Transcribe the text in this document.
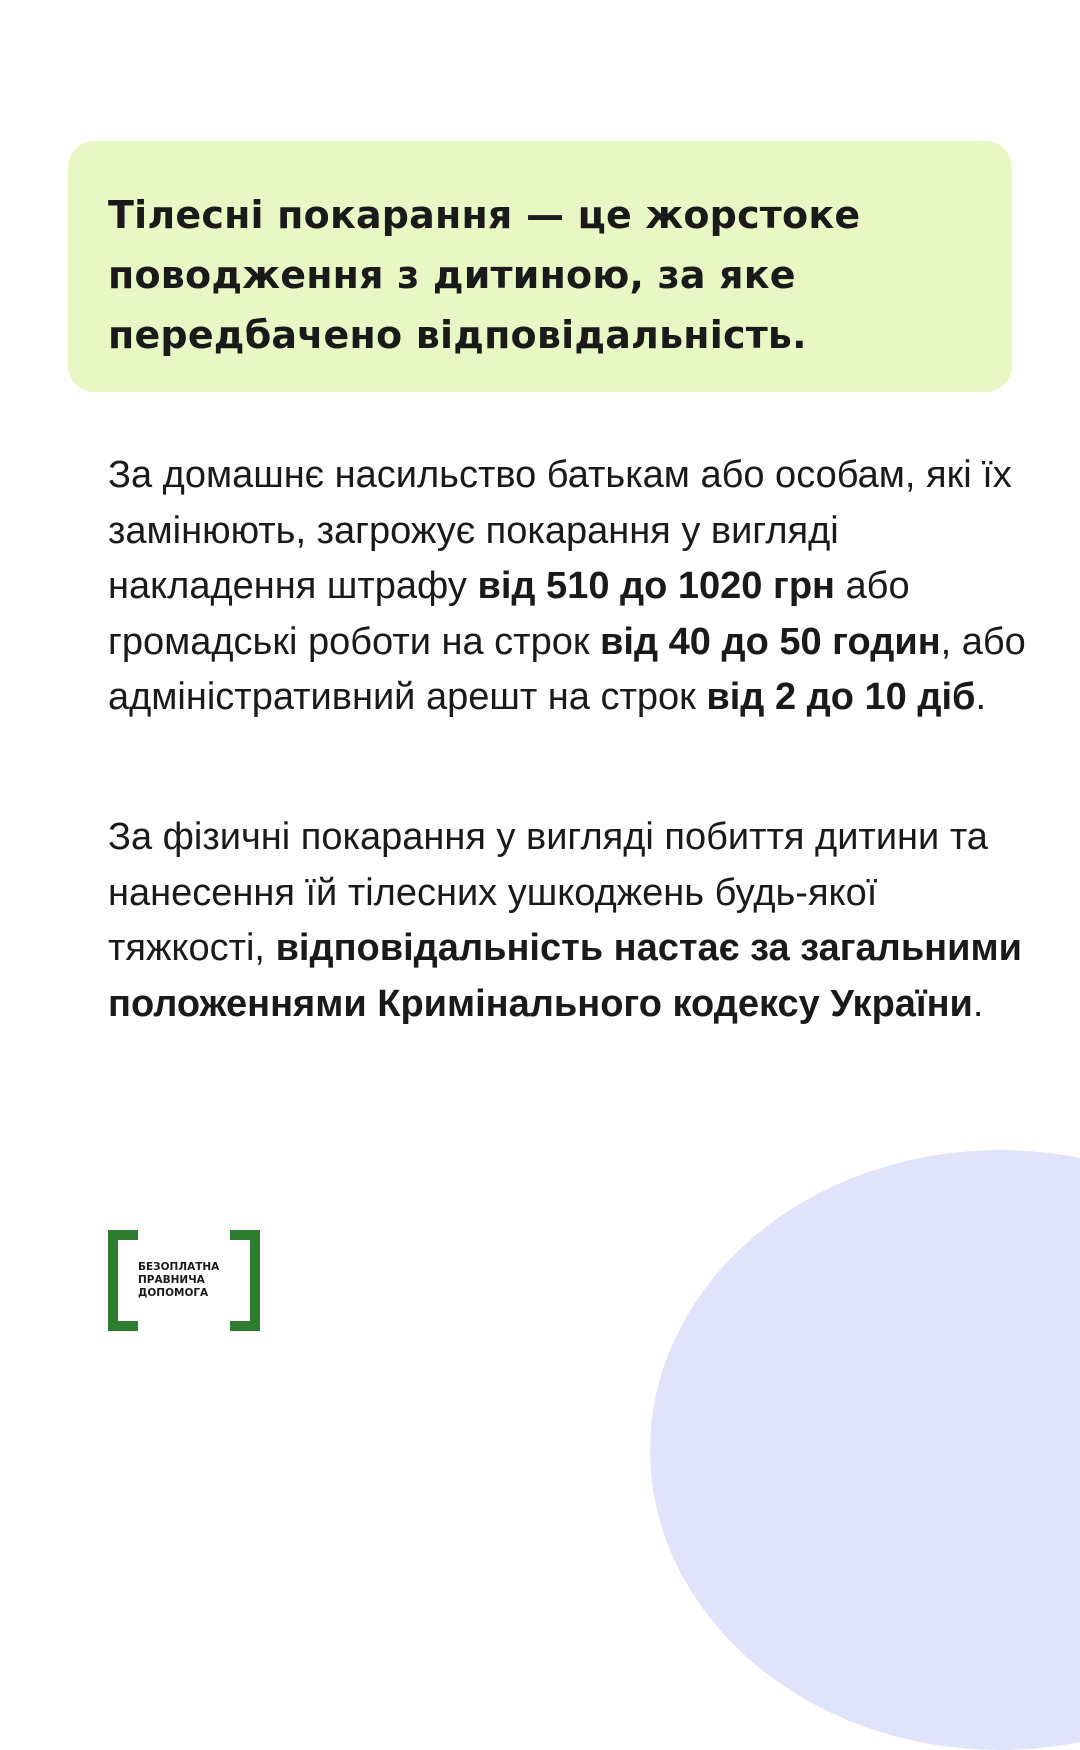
Тілесні покарання — це жорстоке поводження з дитиною, за яке передбачено відповідальність.

За домашнє насильство батькам або особам, які їх замінюють, загрожує покарання у вигляді накладення штрафу від 510 до 1020 грн або громадські роботи на строк від 40 до 50 годин, або адміністративний арешт на строк від 2 до 10 діб.

За фізичні покарання у вигляді побиття дитини та нанесення їй тілесних ушкоджень будь-якої тяжкості, відповідальність настає за загальними положеннями Кримінального кодексу України.

БЕЗОПЛАТНА
ПРАВНИЧА
ДОПОМОГА
